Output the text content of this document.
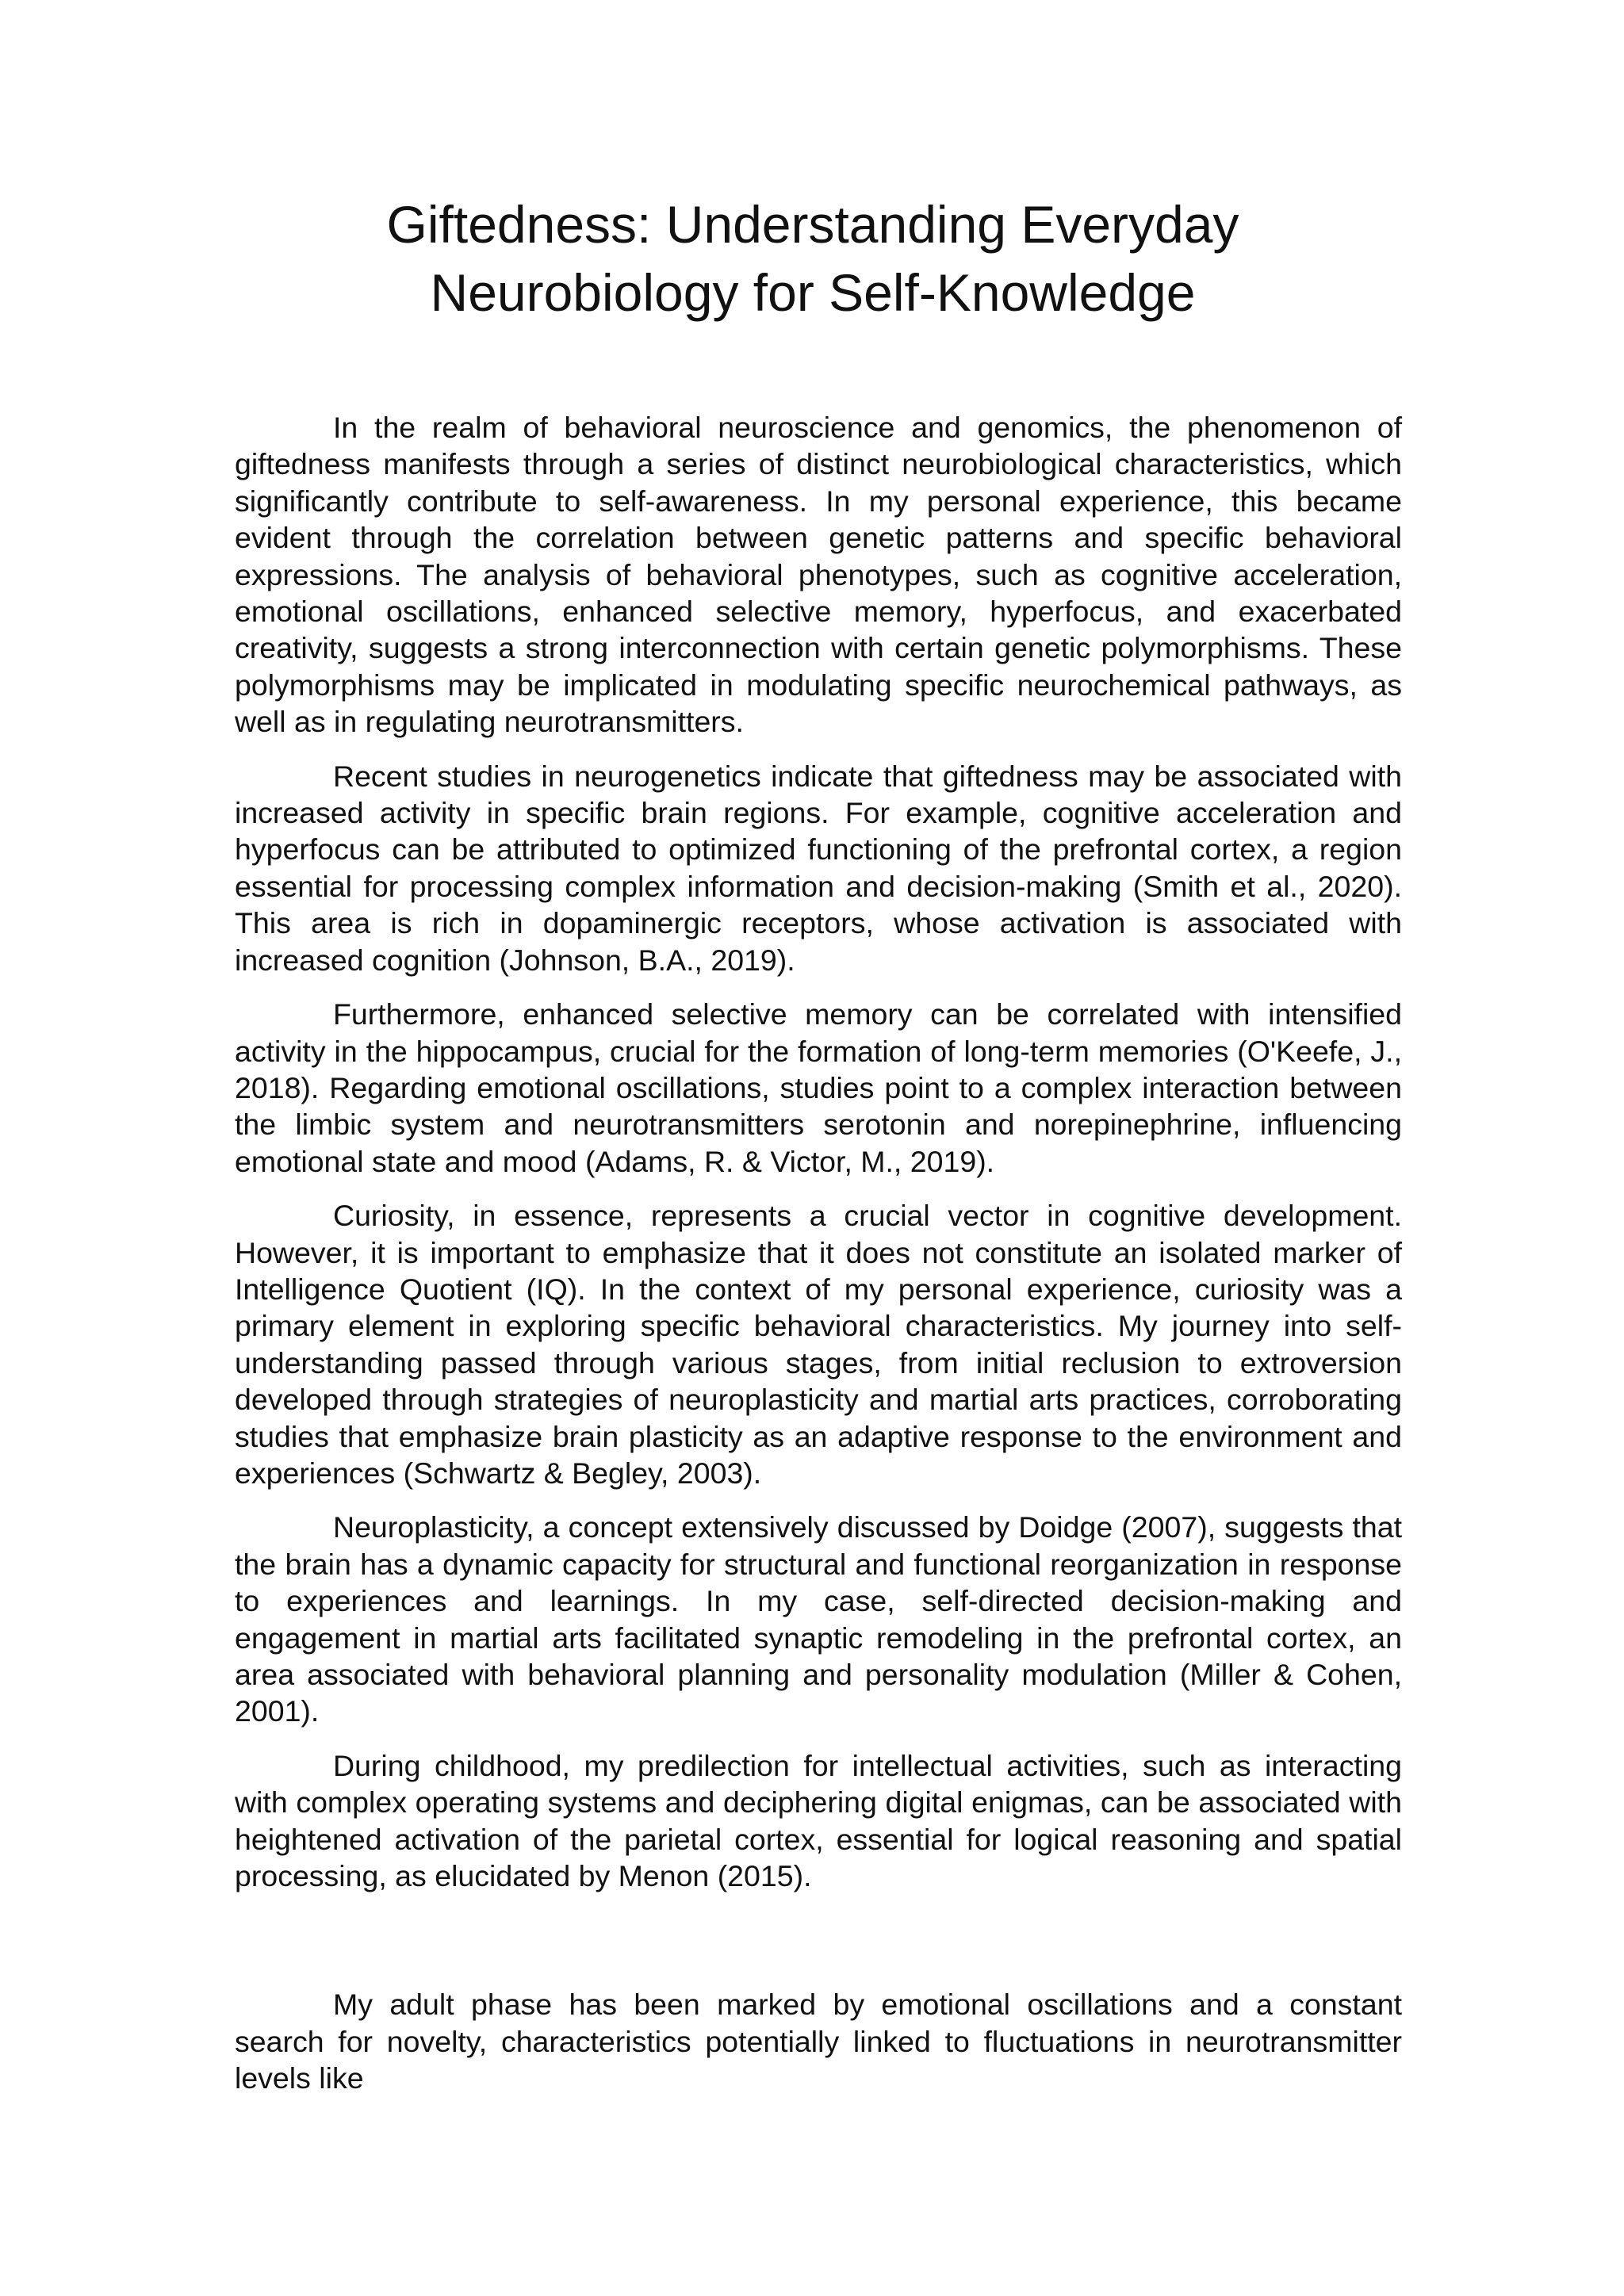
Giftedness: Understanding Everyday
Neurobiology for Self-Knowledge

In the realm of behavioral neuroscience and genomics, the phenomenon of giftedness manifests through a series of distinct neurobiological characteristics, which significantly contribute to self-awareness. In my personal experience, this became evident through the correlation between genetic patterns and specific behavioral expressions. The analysis of behavioral phenotypes, such as cognitive acceleration, emotional oscillations, enhanced selective memory, hyperfocus, and exacerbated creativity, suggests a strong interconnection with certain genetic polymorphisms. These polymorphisms may be implicated in modulating specific neurochemical pathways, as well as in regulating neurotransmitters.

Recent studies in neurogenetics indicate that giftedness may be associated with increased activity in specific brain regions. For example, cognitive acceleration and hyperfocus can be attributed to optimized functioning of the prefrontal cortex, a region essential for processing complex information and decision-making (Smith et al., 2020). This area is rich in dopaminergic receptors, whose activation is associated with increased cognition (Johnson, B.A., 2019).

Furthermore, enhanced selective memory can be correlated with intensified activity in the hippocampus, crucial for the formation of long-term memories (O'Keefe, J., 2018). Regarding emotional oscillations, studies point to a complex interaction between the limbic system and neurotransmitters serotonin and norepinephrine, influencing emotional state and mood (Adams, R. & Victor, M., 2019).

Curiosity, in essence, represents a crucial vector in cognitive development. However, it is important to emphasize that it does not constitute an isolated marker of Intelligence Quotient (IQ). In the context of my personal experience, curiosity was a primary element in exploring specific behavioral characteristics. My journey into self-understanding passed through various stages, from initial reclusion to extroversion developed through strategies of neuroplasticity and martial arts practices, corroborating studies that emphasize brain plasticity as an adaptive response to the environment and experiences (Schwartz & Begley, 2003).

Neuroplasticity, a concept extensively discussed by Doidge (2007), suggests that the brain has a dynamic capacity for structural and functional reorganization in response to experiences and learnings. In my case, self-directed decision-making and engagement in martial arts facilitated synaptic remodeling in the prefrontal cortex, an area associated with behavioral planning and personality modulation (Miller & Cohen, 2001).

During childhood, my predilection for intellectual activities, such as interacting with complex operating systems and deciphering digital enigmas, can be associated with heightened activation of the parietal cortex, essential for logical reasoning and spatial processing, as elucidated by Menon (2015).

My adult phase has been marked by emotional oscillations and a constant search for novelty, characteristics potentially linked to fluctuations in neurotransmitter levels like
